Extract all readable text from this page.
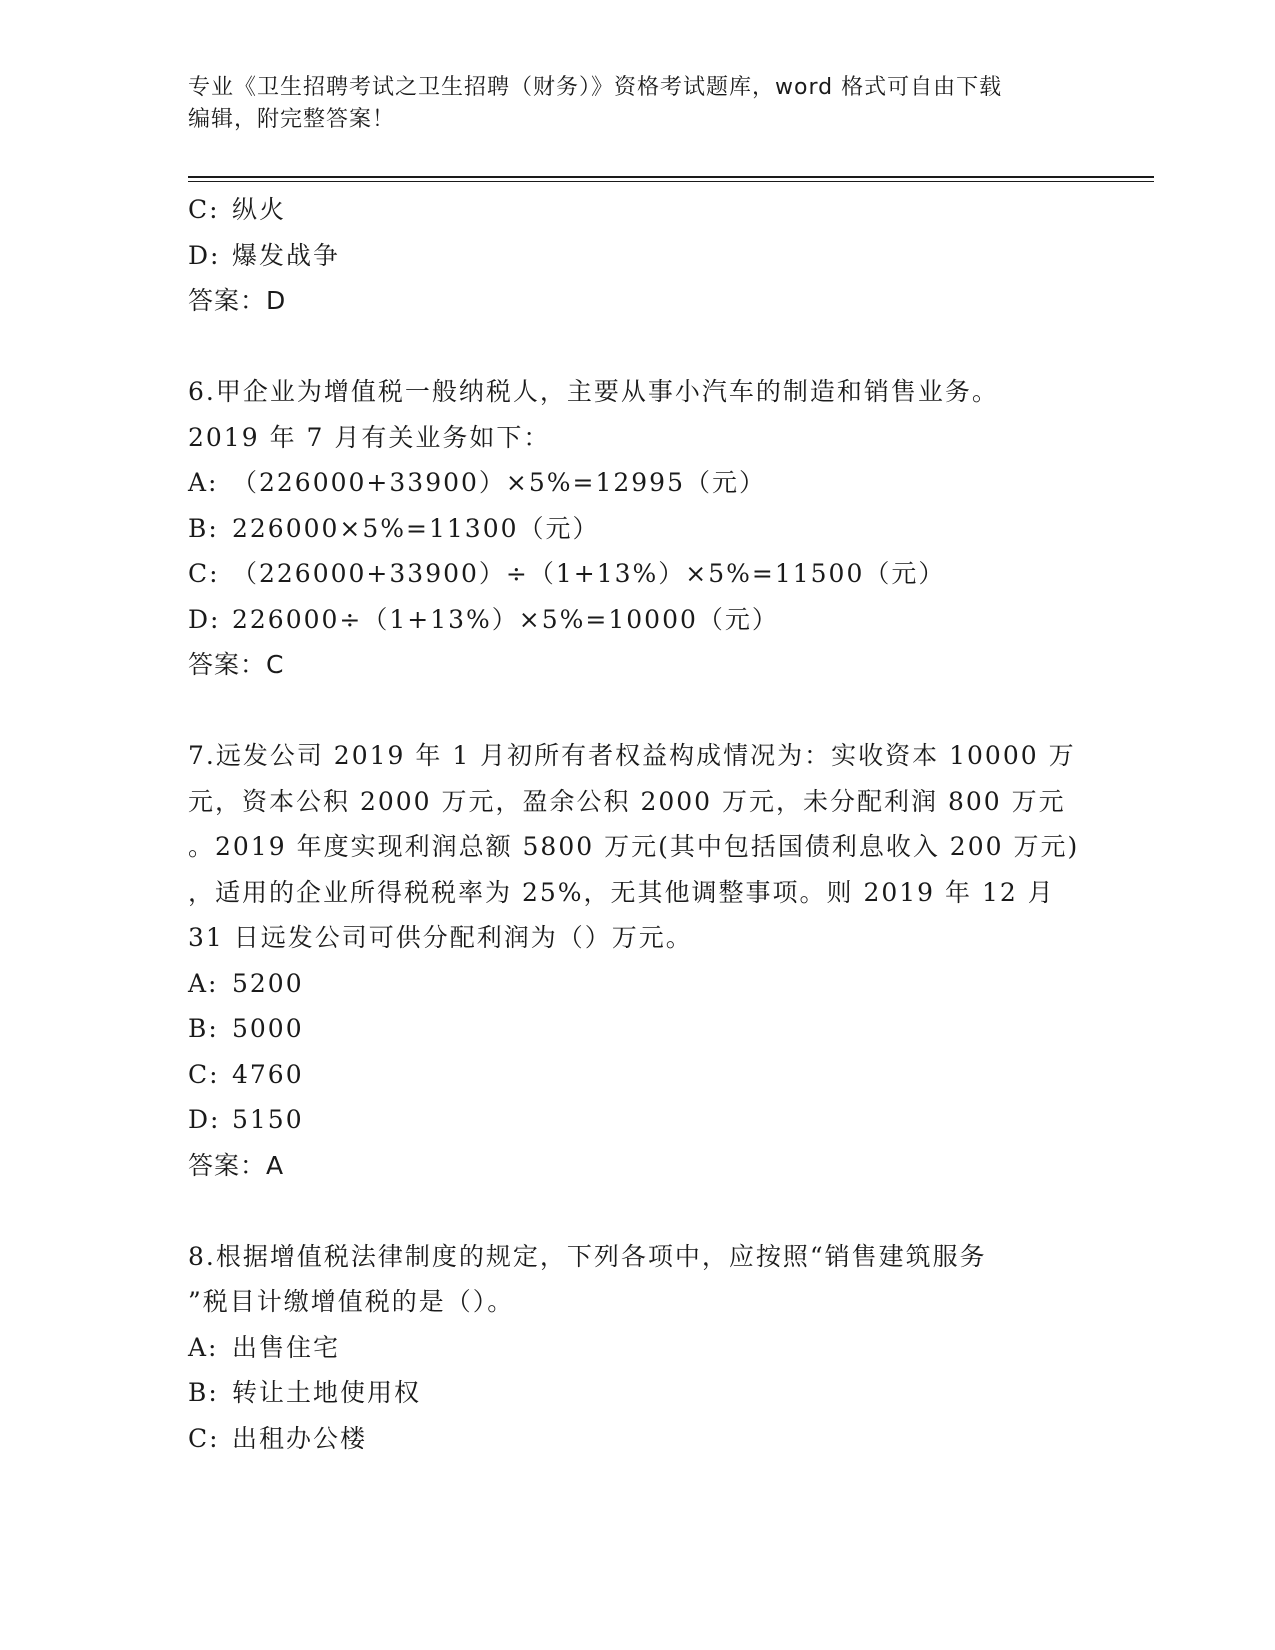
专业《卫生招聘考试之卫生招聘（财务）》资格考试题库，word 格式可自由下载
编辑，附完整答案！
C: 纵火
D: 爆发战争
答案：D
6.甲企业为增值税一般纳税人，主要从事小汽车的制造和销售业务。
2019 年 7 月有关业务如下：
A: （226000+33900）×5%=12995（元）
B: 226000×5%=11300（元）
C: （226000+33900）÷（1+13%）×5%=11500（元）
D: 226000÷（1+13%）×5%=10000（元）
答案：C
7.远发公司 2019 年 1 月初所有者权益构成情况为：实收资本 10000 万
元，资本公积 2000 万元，盈余公积 2000 万元，未分配利润 800 万元
。2019 年度实现利润总额 5800 万元(其中包括国债利息收入 200 万元)
，适用的企业所得税税率为 25%，无其他调整事项。则 2019 年 12 月
31 日远发公司可供分配利润为（）万元。
A: 5200
B: 5000
C: 4760
D: 5150
答案：A
8.根据增值税法律制度的规定，下列各项中，应按照“销售建筑服务
”税目计缴增值税的是（）。
A: 出售住宅
B: 转让土地使用权
C: 出租办公楼
